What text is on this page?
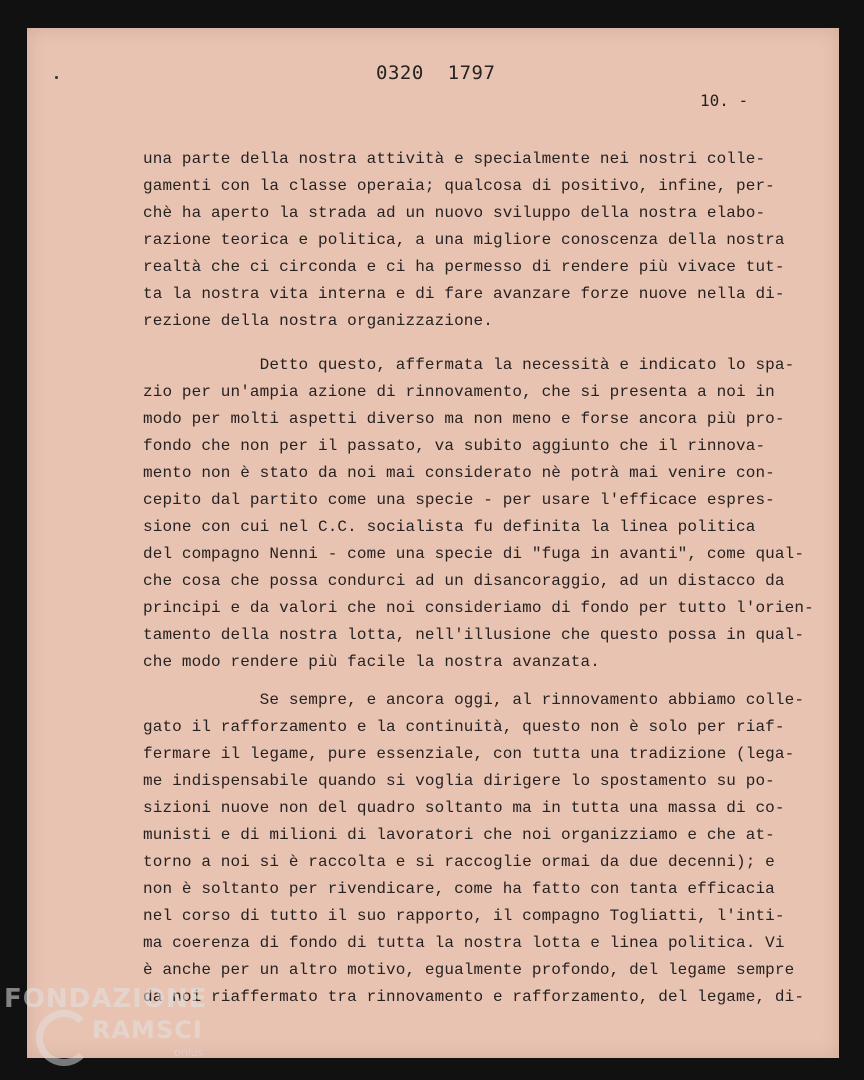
0320  1797
10. -
una parte della nostra attività e specialmente nei nostri colle-
gamenti con la classe operaia; qualcosa di positivo, infine, per-
chè ha aperto la strada ad un nuovo sviluppo della nostra elabo-
razione teorica e politica, a una migliore conoscenza della nostra
realtà che ci circonda e ci ha permesso di rendere più vivace tut-
ta la nostra vita interna e di fare avanzare forze nuove nella di-
rezione della nostra organizzazione.
Detto questo, affermata la necessità e indicato lo spa-
zio per un'ampia azione di rinnovamento, che si presenta a noi in
modo per molti aspetti diverso ma non meno e forse ancora più pro-
fondo che non per il passato, va subito aggiunto che il rinnova-
mento non è stato da noi mai considerato nè potrà mai venire con-
cepito dal partito come una specie - per usare l'efficace espres-
sione con cui nel C.C. socialista fu definita la linea politica
del compagno Nenni - come una specie di "fuga in avanti", come qual-
che cosa che possa condurci ad un disancoraggio, ad un distacco da
principi e da valori che noi consideriamo di fondo per tutto l'orien-
tamento della nostra lotta, nell'illusione che questo possa in qual-
che modo rendere più facile la nostra avanzata.
Se sempre, e ancora oggi, al rinnovamento abbiamo colle-
gato il rafforzamento e la continuità, questo non è solo per riaf-
fermare il legame, pure essenziale, con tutta una tradizione (lega-
me indispensabile quando si voglia dirigere lo spostamento su po-
sizioni nuove non del quadro soltanto ma in tutta una massa di co-
munisti e di milioni di lavoratori che noi organizziamo e che at-
torno a noi si è raccolta e si raccoglie ormai da due decenni); e
non è soltanto per rivendicare, come ha fatto con tanta efficacia
nel corso di tutto il suo rapporto, il compagno Togliatti, l'inti-
ma coerenza di fondo di tutta la nostra lotta e linea politica. Vi
è anche per un altro motivo, egualmente profondo, del legame sempre
da noi riaffermato tra rinnovamento e rafforzamento, del legame, di-
FONDAZIONE
RAMSCI
onlus
